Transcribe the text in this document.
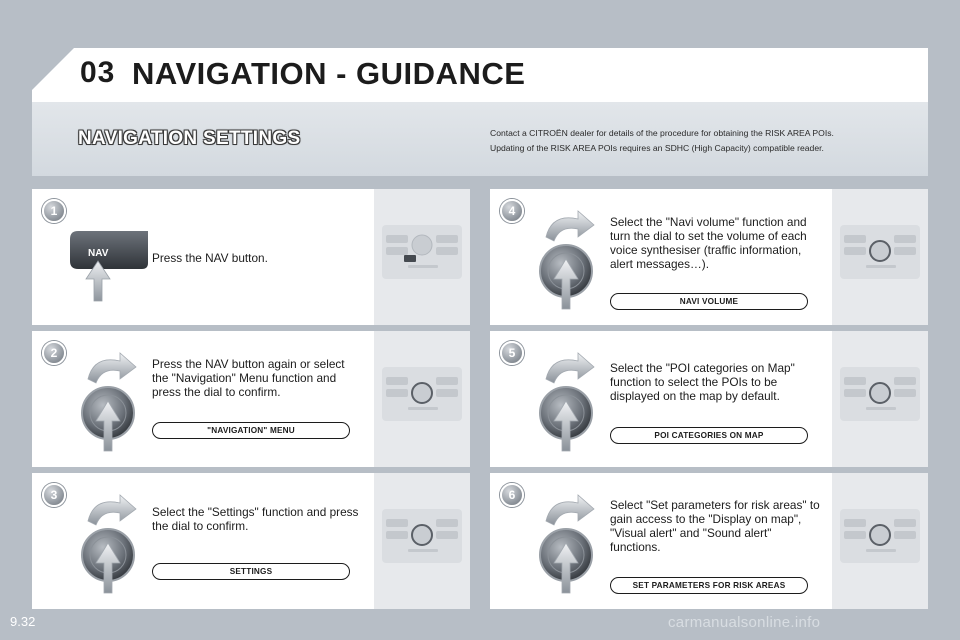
03 NAVIGATION - GUIDANCE
NAVIGATION SETTINGS	Contact a CITROËN dealer for details of the procedure for obtaining the RISK AREA POIs.
Updating of the RISK AREA POIs requires an SDHC (High Capacity) compatible reader.
1
NAV	Press the NAV button.
2
Press the NAV button again or select the "Navigation" Menu function and press the dial to confirm.
"NAVIGATION" MENU
3
Select the "Settings" function and press the dial to confirm.
SETTINGS
4
Select the "Navi volume" function and turn the dial to set the volume of each voice synthesiser (traffic information, alert messages…).
NAVI VOLUME
5
Select the "POI categories on Map" function to select the POIs to be displayed on the map by default.
POI CATEGORIES ON MAP
6
Select "Set parameters for risk areas" to gain access to the "Display on map", "Visual alert" and "Sound alert" functions.
SET PARAMETERS FOR RISK AREAS
9.32	carmanualsonline.info
